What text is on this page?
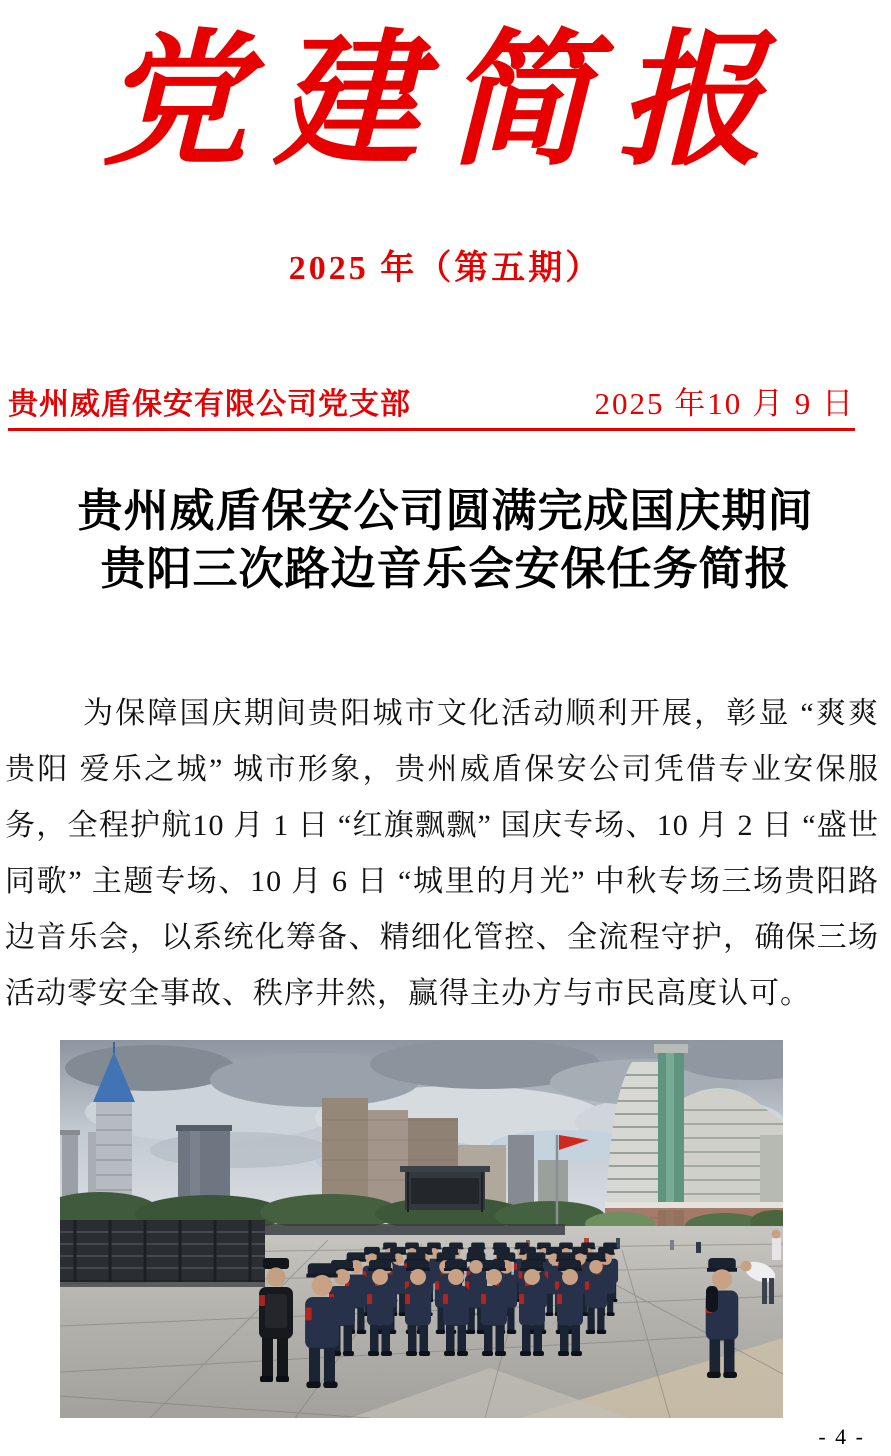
党建简报
2025 年（第五期）
贵州威盾保安有限公司党支部	2025 年10 月 9 日
贵州威盾保安公司圆满完成国庆期间
贵阳三次路边音乐会安保任务简报

为保障国庆期间贵阳城市文化活动顺利开展，彰显 “爽爽贵阳 爱乐之城” 城市形象，贵州威盾保安公司凭借专业安保服务，全程护航10 月 1 日 “红旗飘飘” 国庆专场、10 月 2 日 “盛世同歌” 主题专场、10 月 6 日 “城里的月光” 中秋专场三场贵阳路边音乐会，以系统化筹备、精细化管控、全流程守护，确保三场活动零安全事故、秩序井然，赢得主办方与市民高度认可。

- 4 -
